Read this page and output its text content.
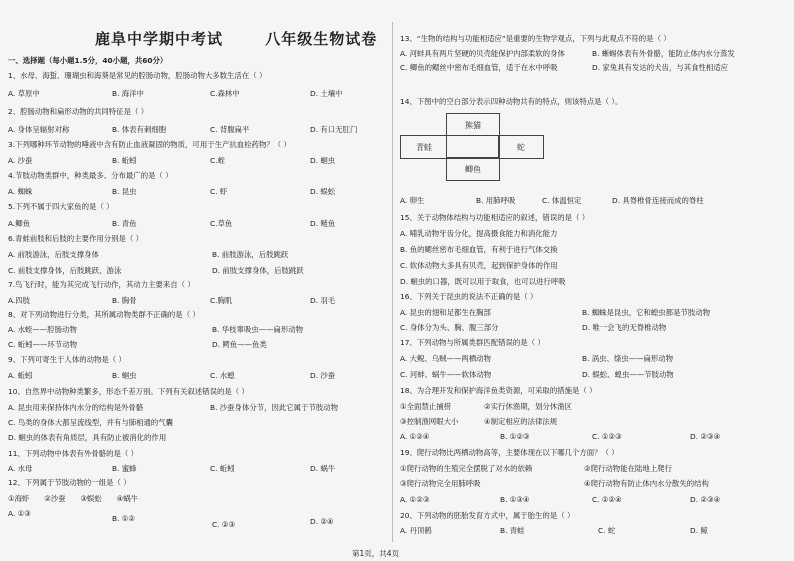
鹿阜中学期中考试	八年级生物试卷
一、选择题（每小题1.5分，40小题，共60分）
1、水母、海蜇、珊瑚虫和海葵是常见的腔肠动物，腔肠动物大多数生活在（ ）
A. 草原中	B. 海洋中	C.森林中	D. 土壤中
2、腔肠动物和扁形动物的共同特征是（ ）
A. 身体呈辐射对称	B. 体表有刺细胞	C. 背腹扁平	D. 有口无肛门
3.下列哪种环节动物的唾液中含有防止血液凝固的物质，可用于生产抗血栓药物？（ ）
A. 沙蚕	B. 蚯蚓	C.蛭	D. 蛔虫
4.节肢动物类群中，种类最多、分布最广的是（ ）
A. 蜘蛛	B. 昆虫	C. 虾	D. 蜈蚣
5.下列不属于四大家鱼的是（ ）
A.鲫鱼	B. 青鱼	C.草鱼	D. 鲢鱼
6.青蛙前肢和后肢的主要作用分别是（ ）
A. 前肢游泳，后肢支撑身体	B. 前肢游泳，后肢跳跃
C. 前肢支撑身体，后肢跳跃、游泳	D. 前肢支撑身体，后肢跳跃
7.鸟飞行时，能为其完成飞行动作，其动力主要来自（ ）
A.四肢	B. 胸骨	C.胸肌	D. 羽毛
8、对下列动物进行分类，其所属动物类群不正确的是（ ）
A. 水蛭——腔肠动物	B. 华枝睾吸虫——扁形动物
C. 蚯蚓——环节动物	D. 鳄鱼——鱼类
9、下列可寄生于人体的动物是（ ）
A. 蚯蚓	B. 蛔虫	C. 水螅	D. 沙蚕
10、自然界中动物种类繁多，形态千差万别。下列有关叙述错误的是（ ）
A. 昆虫用来保持体内水分的结构是外骨骼	B. 沙蚕身体分节，因此它属于节肢动物
C. 鸟类的身体大都呈流线型，并有与肺相通的气囊
D. 蛔虫的体表有角质层，具有防止被消化的作用
11、下列动物中体表有外骨骼的是（ ）
A. 水母	B. 蜜蜂	C. 蚯蚓	D. 蜗牛
12、下列属于节肢动物的一组是（ ）
①海虾　　②沙蚕　　③蜈蚣　　④蜗牛
A. ①③
B. ①②
C. ②③	D. ②④
13、“生物的结构与功能相适应”是重要的生物学观点，下列与此观点不符的是（ ）
A. 河蚌具有两片坚硬的贝壳能保护内部柔软的身体	B. 蜥蜴体表有外骨骼，能防止体内水分蒸发
C. 鲫鱼的鳃丝中密布毛细血管，适于在水中呼吸	D. 家兔具有发达的犬齿，与其食性相适应
14、下图中的空白部分表示四种动物共有的特点，则该特点是（ ）。
熊猫
青蛙	蛇
鲫鱼
A. 卵生	B. 用肺呼吸	C. 体温恒定	D. 具脊椎骨连接而成的脊柱
15、关于动物体结构与功能相适应的叙述，错误的是（ ）
A. 哺乳动物牙齿分化，提高摄食能力和消化能力
B. 鱼的鳃丝密布毛细血管，有利于进行气体交换
C. 软体动物大多具有贝壳，起到保护身体的作用
D. 蛔虫的口器，既可以用于取食，也可以进行呼吸
16、下列关于昆虫的说法不正确的是（ ）
A. 昆虫的翅和足都生在胸部	B. 蜘蛛是昆虫，它和蝗虫都是节肢动物
C. 身体分为头、胸、腹三部分	D. 唯一会飞的无脊椎动物
17、下列动物与所属类群匹配错误的是（ ）
A. 大鲵、乌贼——两栖动物	B. 涡虫、绦虫——扁形动物
C. 河蚌、蜗牛——软体动物	D. 蜈蚣、蝗虫——节肢动物
18、为合理开发和保护海洋鱼类资源，可采取的措施是（ ）
①全面禁止捕捞	②实行休渔期，划分休渔区
③控制渔网眼大小	④制定相应的法律法规
A. ①②④	B. ①②③	C. ①②③	D. ②③④
19、爬行动物比两栖动物高等，主要体现在以下哪几个方面？（ ）
①爬行动物的生殖完全摆脱了对水的依赖	②爬行动物能在陆地上爬行
③爬行动物完全用肺呼吸	④爬行动物有防止体内水分散失的结构
A. ①②③	B. ①③④	C. ①②④	D. ②③④
20、下列动物的胚胎发育方式中，属于胎生的是（ ）
A. 丹顶鹤	B. 青蛙	C. 蛇	D. 鲸
第1页，共4页
